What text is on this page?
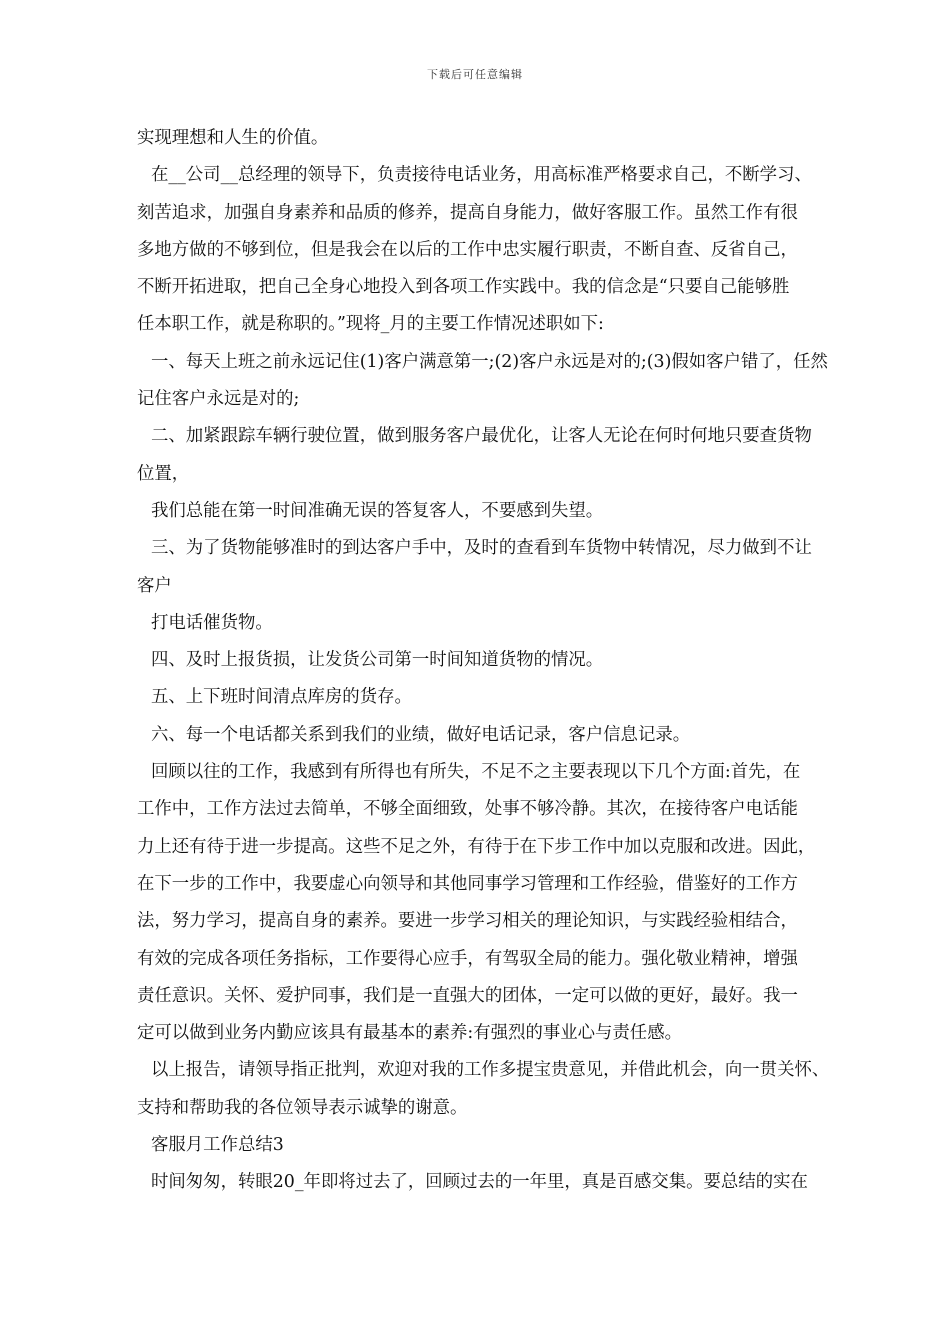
下载后可任意编辑
实现理想和人生的价值。
在__公司__总经理的领导下，负责接待电话业务，用高标准严格要求自己，不断学习、
刻苦追求，加强自身素养和品质的修养，提高自身能力，做好客服工作。虽然工作有很
多地方做的不够到位，但是我会在以后的工作中忠实履行职责，不断自查、反省自己，
不断开拓进取，把自己全身心地投入到各项工作实践中。我的信念是“只要自己能够胜
任本职工作，就是称职的。”现将_月的主要工作情况述职如下:
一、每天上班之前永远记住(1)客户满意第一;(2)客户永远是对的;(3)假如客户错了，任然
记住客户永远是对的;
二、加紧跟踪车辆行驶位置，做到服务客户最优化，让客人无论在何时何地只要查货物
位置，
我们总能在第一时间准确无误的答复客人，不要感到失望。
三、为了货物能够准时的到达客户手中，及时的查看到车货物中转情况，尽力做到不让
客户
打电话催货物。
四、及时上报货损，让发货公司第一时间知道货物的情况。
五、上下班时间清点库房的货存。
六、每一个电话都关系到我们的业绩，做好电话记录，客户信息记录。
回顾以往的工作，我感到有所得也有所失，不足不之主要表现以下几个方面:首先，在
工作中，工作方法过去简单，不够全面细致，处事不够冷静。其次，在接待客户电话能
力上还有待于进一步提高。这些不足之外，有待于在下步工作中加以克服和改进。因此，
在下一步的工作中，我要虚心向领导和其他同事学习管理和工作经验，借鉴好的工作方
法，努力学习，提高自身的素养。要进一步学习相关的理论知识，与实践经验相结合，
有效的完成各项任务指标，工作要得心应手，有驾驭全局的能力。强化敬业精神，增强
责任意识。关怀、爱护同事，我们是一直强大的团体，一定可以做的更好，最好。我一
定可以做到业务内勤应该具有最基本的素养:有强烈的事业心与责任感。
以上报告，请领导指正批判，欢迎对我的工作多提宝贵意见，并借此机会，向一贯关怀、
支持和帮助我的各位领导表示诚挚的谢意。
客服月工作总结3
时间匆匆，转眼20_年即将过去了，回顾过去的一年里，真是百感交集。要总结的实在
